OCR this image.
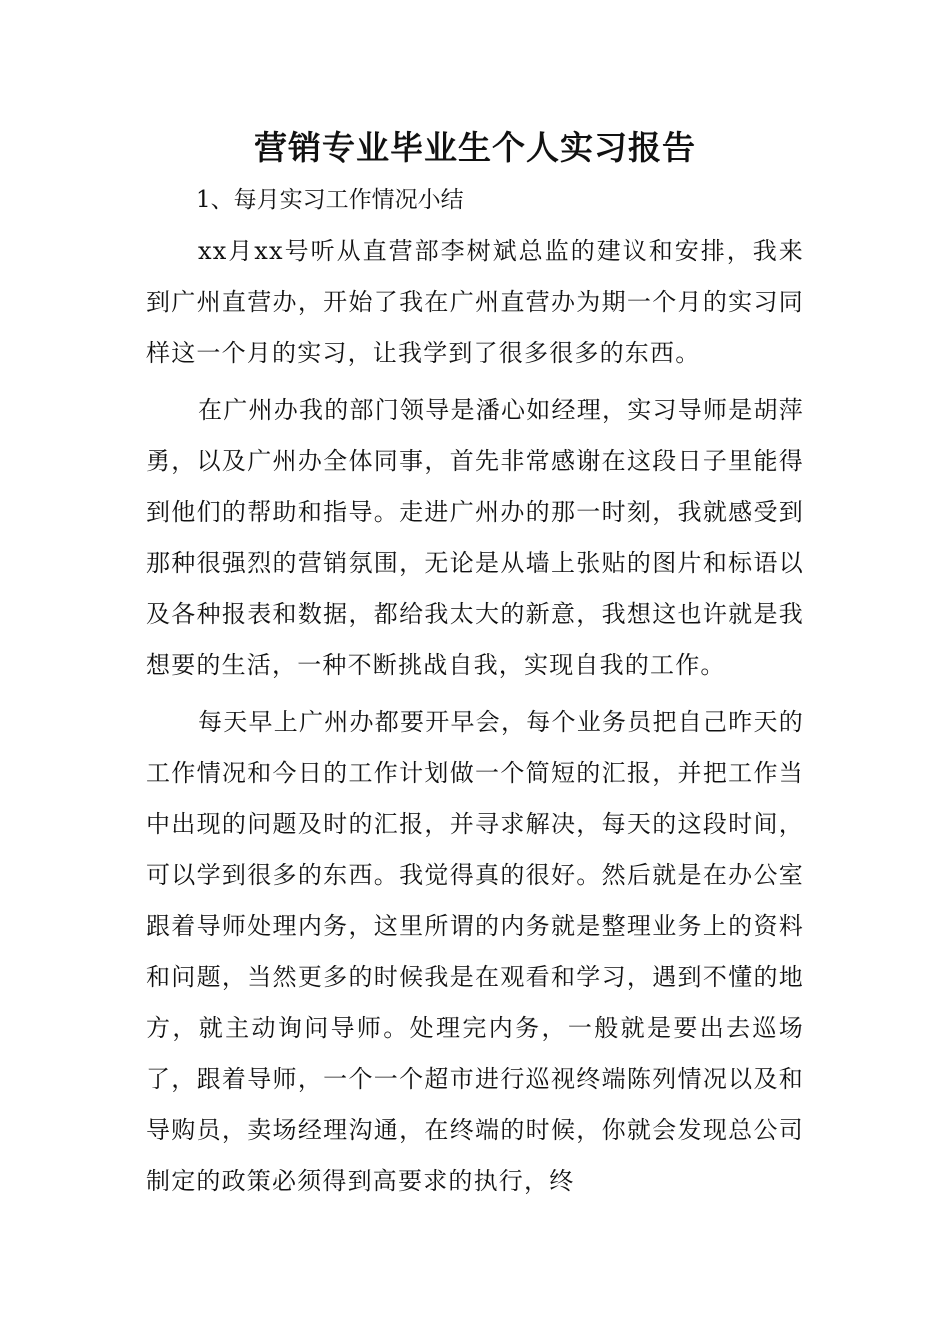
营销专业毕业生个人实习报告

1、每月实习工作情况小结

xx月xx号听从直营部李树斌总监的建议和安排，我来到广州直营办，开始了我在广州直营办为期一个月的实习同样这一个月的实习，让我学到了很多很多的东西。

在广州办我的部门领导是潘心如经理，实习导师是胡萍勇，以及广州办全体同事，首先非常感谢在这段日子里能得到他们的帮助和指导。走进广州办的那一时刻，我就感受到那种很强烈的营销氛围，无论是从墙上张贴的图片和标语以及各种报表和数据，都给我太大的新意，我想这也许就是我想要的生活，一种不断挑战自我，实现自我的工作。

每天早上广州办都要开早会，每个业务员把自己昨天的工作情况和今日的工作计划做一个简短的汇报，并把工作当中出现的问题及时的汇报，并寻求解决，每天的这段时间，可以学到很多的东西。我觉得真的很好。然后就是在办公室跟着导师处理内务，这里所谓的内务就是整理业务上的资料和问题，当然更多的时候我是在观看和学习，遇到不懂的地方，就主动询问导师。处理完内务，一般就是要出去巡场了，跟着导师，一个一个超市进行巡视终端陈列情况以及和导购员，卖场经理沟通，在终端的时候，你就会发现总公司制定的政策必须得到高要求的执行，终
